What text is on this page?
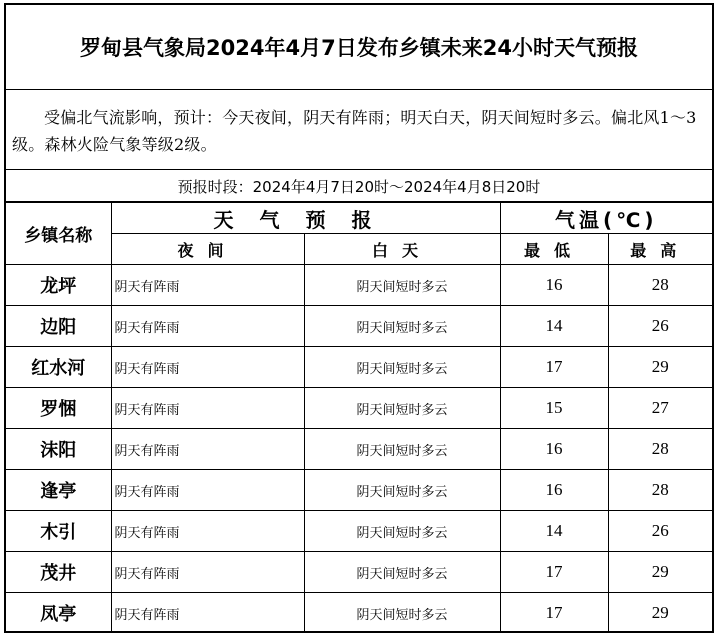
罗甸县气象局2024年4月7日发布乡镇未来24小时天气预报
受偏北气流影响，预计：今天夜间，阴天有阵雨；明天白天，阴天间短时多云。偏北风1～3级。森林火险气象等级2级。
预报时段：2024年4月7日20时～2024年4月8日20时
乡镇名称	天气预报		气温(℃)	
	夜间	白天	最低	最高
龙坪	阴天有阵雨	阴天间短时多云	16	28
边阳	阴天有阵雨	阴天间短时多云	14	26
红水河	阴天有阵雨	阴天间短时多云	17	29
罗悃	阴天有阵雨	阴天间短时多云	15	27
沫阳	阴天有阵雨	阴天间短时多云	16	28
逢亭	阴天有阵雨	阴天间短时多云	16	28
木引	阴天有阵雨	阴天间短时多云	14	26
茂井	阴天有阵雨	阴天间短时多云	17	29
凤亭	阴天有阵雨	阴天间短时多云	17	29
